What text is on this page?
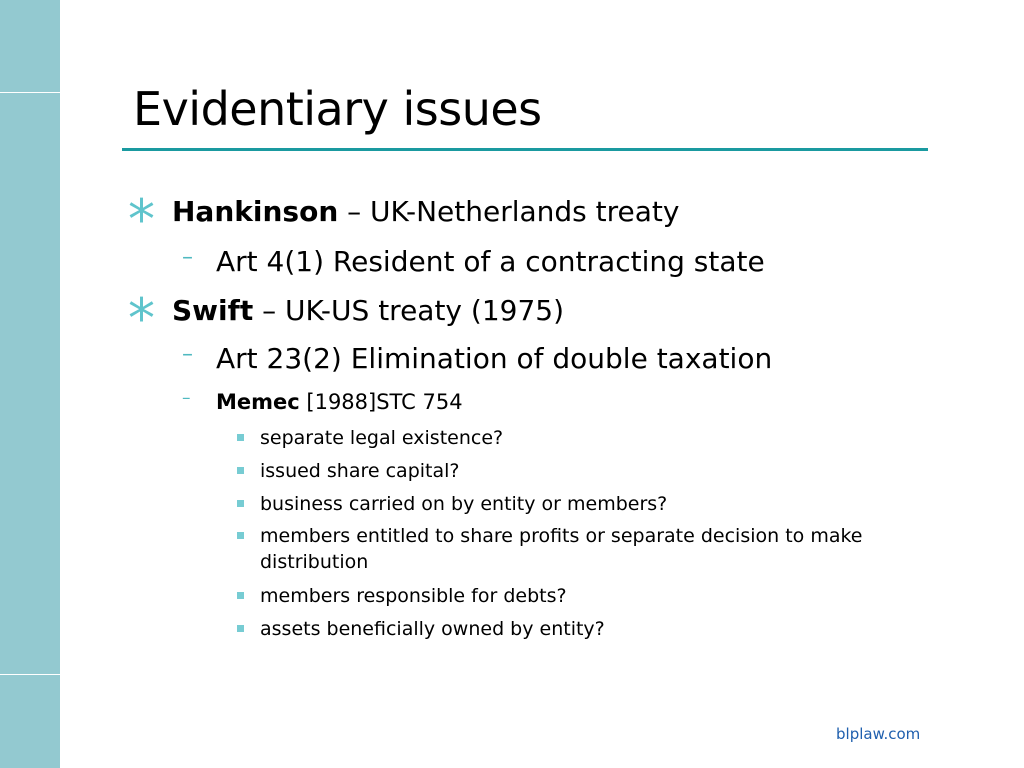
Evidentiary issues
* Hankinson – UK-Netherlands treaty
– Art 4(1) Resident of a contracting state
* Swift – UK-US treaty (1975)
– Art 23(2) Elimination of double taxation
– Memec [1988]STC 754
separate legal existence?
issued share capital?
business carried on by entity or members?
members entitled to share profits or separate decision to make
distribution
members responsible for debts?
assets beneficially owned by entity?
blplaw.com
